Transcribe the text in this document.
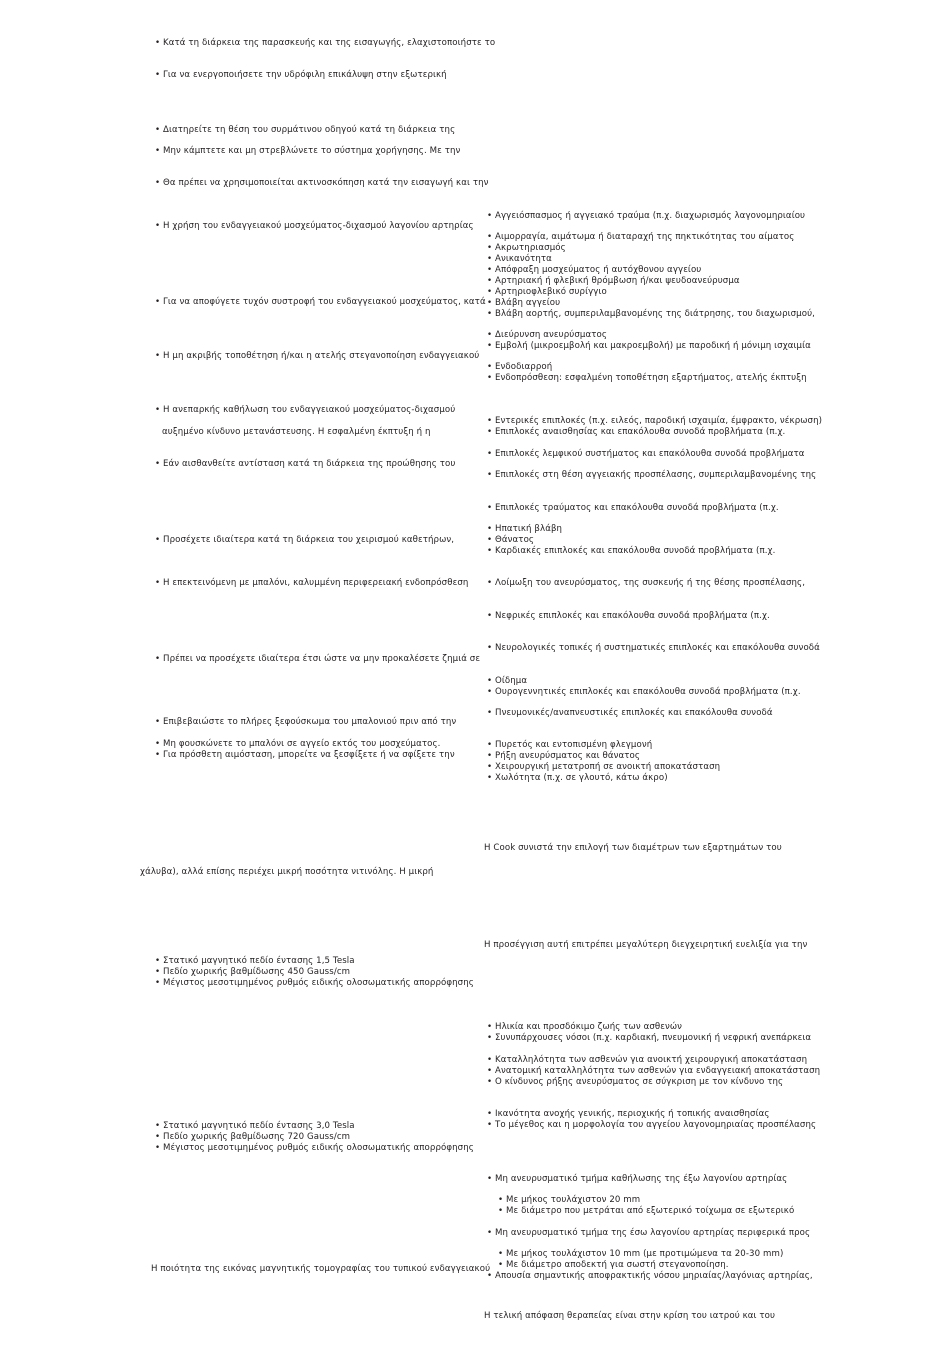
• Κατά τη διάρκεια της παρασκευής και της εισαγωγής, ελαχιστοποιήστε το
• Για να ενεργοποιήσετε την υδρόφιλη επικάλυψη στην εξωτερική
• Διατηρείτε τη θέση του συρμάτινου οδηγού κατά τη διάρκεια της
• Μην κάμπτετε και μη στρεβλώνετε το σύστημα χορήγησης. Με την
• Θα πρέπει να χρησιμοποιείται ακτινοσκόπηση κατά την εισαγωγή και την
• Η χρήση του ενδαγγειακού μοσχεύματος-διχασμού λαγονίου αρτηρίας
• Για να αποφύγετε τυχόν συστροφή του ενδαγγειακού μοσχεύματος, κατά
• Η μη ακριβής τοποθέτηση ή/και η ατελής στεγανοποίηση ενδαγγειακού
• Η ανεπαρκής καθήλωση του ενδαγγειακού μοσχεύματος-διχασμού
αυξημένο κίνδυνο μετανάστευσης. Η εσφαλμένη έκπτυξη ή η
• Εάν αισθανθείτε αντίσταση κατά τη διάρκεια της προώθησης του
• Προσέχετε ιδιαίτερα κατά τη διάρκεια του χειρισμού καθετήρων,
• Η επεκτεινόμενη με μπαλόνι, καλυμμένη περιφερειακή ενδοπρόσθεση
• Πρέπει να προσέχετε ιδιαίτερα έτσι ώστε να μην προκαλέσετε ζημιά σε
• Επιβεβαιώστε το πλήρες ξεφούσκωμα του μπαλονιού πριν από την
• Μη φουσκώνετε το μπαλόνι σε αγγείο εκτός του μοσχεύματος.
• Για πρόσθετη αιμόσταση, μπορείτε να ξεσφίξετε ή να σφίξετε την
χάλυβα), αλλά επίσης περιέχει μικρή ποσότητα νιτινόλης. Η μικρή
• Στατικό μαγνητικό πεδίο έντασης 1,5 Tesla
• Πεδίο χωρικής βαθμίδωσης 450 Gauss/cm
• Μέγιστος μεσοτιμημένος ρυθμός ειδικής ολοσωματικής απορρόφησης
• Στατικό μαγνητικό πεδίο έντασης 3,0 Tesla
• Πεδίο χωρικής βαθμίδωσης 720 Gauss/cm
• Μέγιστος μεσοτιμημένος ρυθμός ειδικής ολοσωματικής απορρόφησης
Η ποιότητα της εικόνας μαγνητικής τομογραφίας του τυπικού ενδαγγειακού
• Αγγειόσπασμος ή αγγειακό τραύμα (π.χ. διαχωρισμός λαγονομηριαίου
• Αιμορραγία, αιμάτωμα ή διαταραχή της πηκτικότητας του αίματος
• Ακρωτηριασμός
• Ανικανότητα
• Απόφραξη μοσχεύματος ή αυτόχθονου αγγείου
• Αρτηριακή ή φλεβική θρόμβωση ή/και ψευδοανεύρυσμα
• Αρτηριοφλεβικό συρίγγιο
• Βλάβη αγγείου
• Βλάβη αορτής, συμπεριλαμβανομένης της διάτρησης, του διαχωρισμού,
• Διεύρυνση ανευρύσματος
• Εμβολή (μικροεμβολή και μακροεμβολή) με παροδική ή μόνιμη ισχαιμία
• Ενδοδιαρροή
• Ενδοπρόσθεση: εσφαλμένη τοποθέτηση εξαρτήματος, ατελής έκπτυξη
• Εντερικές επιπλοκές (π.χ. ειλεός, παροδική ισχαιμία, έμφρακτο, νέκρωση)
• Επιπλοκές αναισθησίας και επακόλουθα συνοδά προβλήματα (π.χ.
• Επιπλοκές λεμφικού συστήματος και επακόλουθα συνοδά προβλήματα
• Επιπλοκές στη θέση αγγειακής προσπέλασης, συμπεριλαμβανομένης της
• Επιπλοκές τραύματος και επακόλουθα συνοδά προβλήματα (π.χ.
• Ηπατική βλάβη
• Θάνατος
• Καρδιακές επιπλοκές και επακόλουθα συνοδά προβλήματα (π.χ.
• Λοίμωξη του ανευρύσματος, της συσκευής ή της θέσης προσπέλασης,
• Νεφρικές επιπλοκές και επακόλουθα συνοδά προβλήματα (π.χ.
• Νευρολογικές τοπικές ή συστηματικές επιπλοκές και επακόλουθα συνοδά
• Οίδημα
• Ουρογεννητικές επιπλοκές και επακόλουθα συνοδά προβλήματα (π.χ.
• Πνευμονικές/αναπνευστικές επιπλοκές και επακόλουθα συνοδά
• Πυρετός και εντοπισμένη φλεγμονή
• Ρήξη ανευρύσματος και θάνατος
• Χειρουργική μετατροπή σε ανοικτή αποκατάσταση
• Χωλότητα (π.χ. σε γλουτό, κάτω άκρο)
Η Cook συνιστά την επιλογή των διαμέτρων των εξαρτημάτων του
Η προσέγγιση αυτή επιτρέπει μεγαλύτερη διεγχειρητική ευελιξία για την
• Ηλικία και προσδόκιμο ζωής των ασθενών
• Συνυπάρχουσες νόσοι (π.χ. καρδιακή, πνευμονική ή νεφρική ανεπάρκεια
• Καταλληλότητα των ασθενών για ανοικτή χειρουργική αποκατάσταση
• Ανατομική καταλληλότητα των ασθενών για ενδαγγειακή αποκατάσταση
• Ο κίνδυνος ρήξης ανευρύσματος σε σύγκριση με τον κίνδυνο της
• Ικανότητα ανοχής γενικής, περιοχικής ή τοπικής αναισθησίας
• Το μέγεθος και η μορφολογία του αγγείου λαγονομηριαίας προσπέλασης
• Μη ανευρυσματικό τμήμα καθήλωσης της έξω λαγονίου αρτηρίας
• Με μήκος τουλάχιστον 20 mm
• Με διάμετρο που μετράται από εξωτερικό τοίχωμα σε εξωτερικό
• Μη ανευρυσματικό τμήμα της έσω λαγονίου αρτηρίας περιφερικά προς
• Με μήκος τουλάχιστον 10 mm (με προτιμώμενα τα 20-30 mm)
• Με διάμετρο αποδεκτή για σωστή στεγανοποίηση.
• Απουσία σημαντικής αποφρακτικής νόσου μηριαίας/λαγόνιας αρτηρίας,
Η τελική απόφαση θεραπείας είναι στην κρίση του ιατρού και του
